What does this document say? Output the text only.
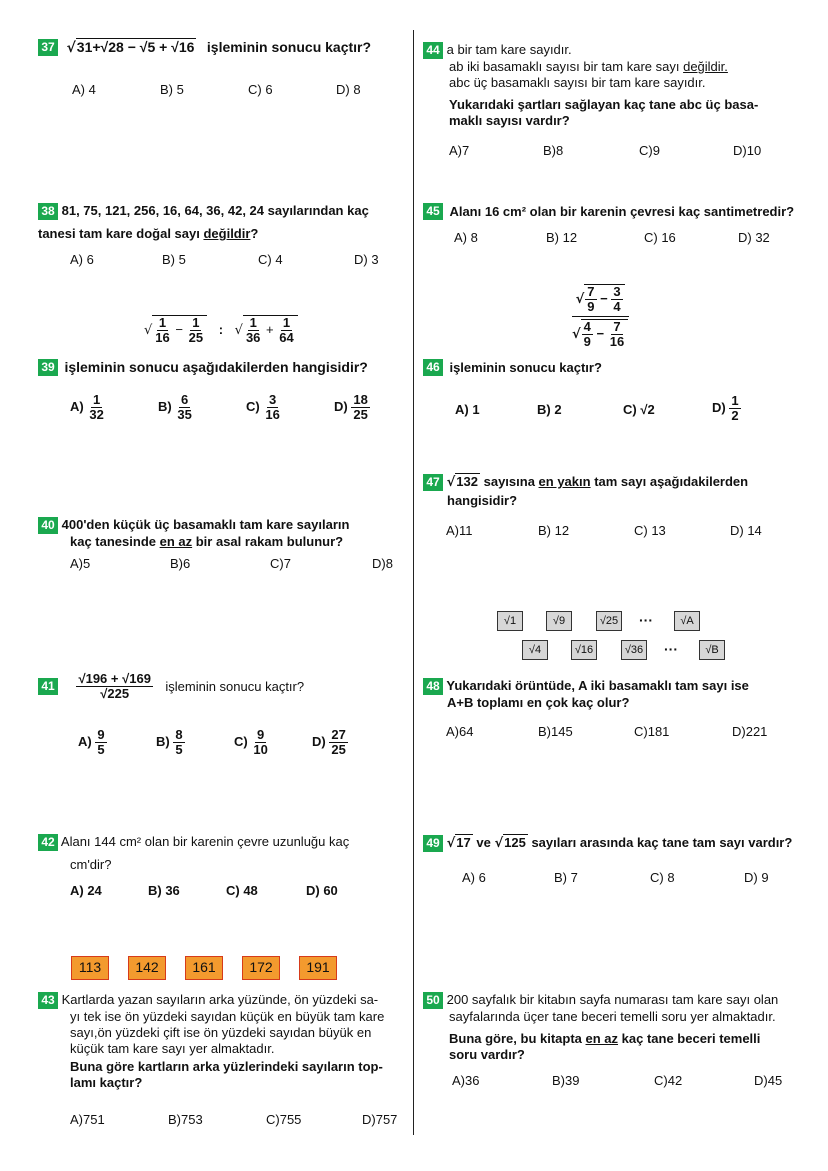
37 √31+√28 − √5 + √16 işleminin sonucu kaçtır?
A) 4	B) 5	C) 6	D) 8
38 81, 75, 121, 256, 16, 64, 36, 42, 24 sayılarından kaç
tanesi tam kare doğal sayı değildir?
A) 6	B) 5	C) 4	D) 3
√ $\frac{1}{16} - \frac{1}{25}$ : √ $\frac{1}{36} + \frac{1}{64}$
39 işleminin sonucu aşağıdakilerden hangisidir?
$A) \frac{1}{32}$	$B) \frac{6}{35}$	$C) \frac{3}{16}$	$D) \frac{18}{25}$
40 400'den küçük üç basamaklı tam kare sayıların
kaç tanesinde en az bir asal rakam bulunur?
A)5	B)6	C)7	D)8
$41 \frac{√196 + √169}{√225}$ işleminin sonucu kaçtır?
$A) \frac{9}{5}$	$B) \frac{8}{5}$	$C) \frac{9}{10}$	$D) \frac{27}{25}$
42 Alanı 144 cm² olan bir karenin çevre uzunluğu kaç
cm'dir?
A) 24	B) 36	C) 48	D) 60
113	142	161	172	191
43 Kartlarda yazan sayıların arka yüzünde, ön yüzdeki sa-
yı tek ise ön yüzdeki sayıdan küçük en büyük tam kare
sayı,ön yüzdeki çift ise ön yüzdeki sayıdan büyük en
küçük tam kare sayı yer almaktadır.
Buna göre kartların arka yüzlerindeki sayıların top-
lamı kaçtır?
A)751	B)753	C)755	D)757
44 a bir tam kare sayıdır.
ab iki basamaklı sayısı bir tam kare sayı değildir.
abc üç basamaklı sayısı bir tam kare sayıdır.
Yukarıdaki şartları sağlayan kaç tane abc üç basa-
maklı sayısı vardır?
A)7	B)8	C)9	D)10
45 Alanı 16 cm² olan bir karenin çevresi kaç santimetredir?
A) 8	B) 12	C) 16	D) 32
$\frac{√ \frac{7}{9} - \frac{3}{4}}{√ \frac{4}{9} - \frac{7}{16}}$
46 işleminin sonucu kaçtır?
A) 1	B) 2	C) √2	$D) \frac{1}{2}$
47 √132 sayısına en yakın tam sayı aşağıdakilerden
hangisidir?
A)11	B) 12	C) 13	D) 14
√1	√9	√25 ···	√A
√4	√16	√36 ···	√B
48 Yukarıdaki örüntüde, A iki basamaklı tam sayı ise
A+B toplamı en çok kaç olur?
A)64	B)145	C)181	D)221
49 √17 ve √125 sayıları arasında kaç tane tam sayı vardır?
A) 6	B) 7	C) 8	D) 9
50 200 sayfalık bir kitabın sayfa numarası tam kare sayı olan
sayfalarında üçer tane beceri temelli soru yer almaktadır.
Buna göre, bu kitapta en az kaç tane beceri temelli
soru vardır?
A)36	B)39	C)42	D)45
